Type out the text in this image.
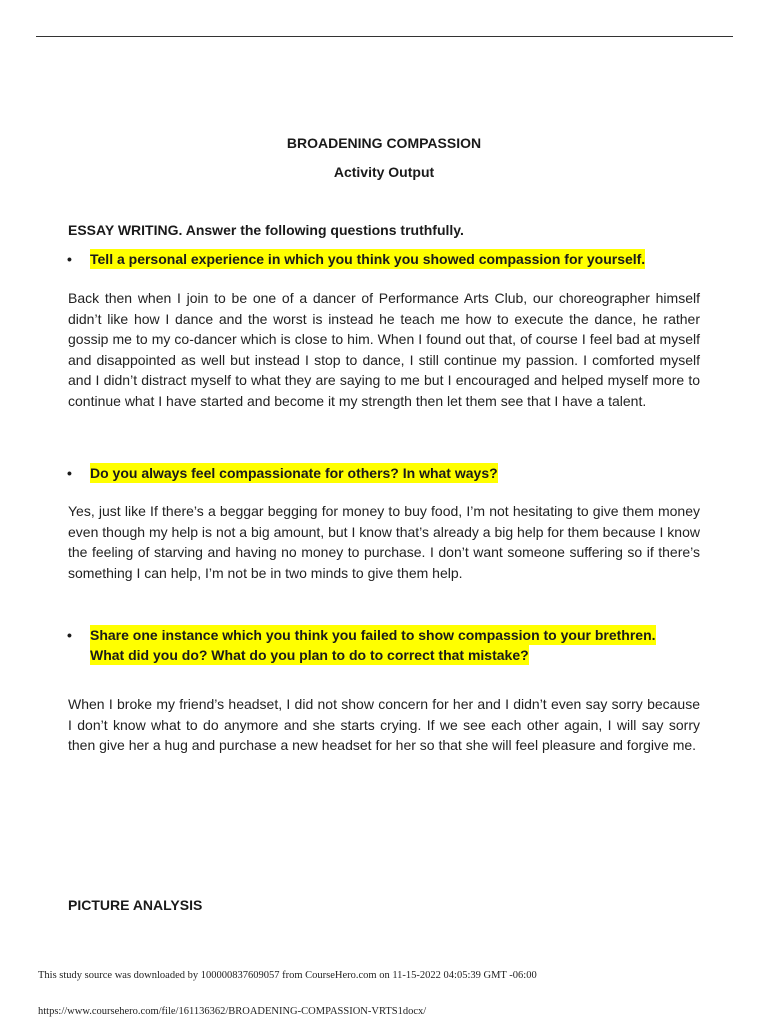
BROADENING COMPASSION
Activity Output
ESSAY WRITING. Answer the following questions truthfully.
• Tell a personal experience in which you think you showed compassion for yourself.
Back then when I join to be one of a dancer of Performance Arts Club, our choreographer himself didn’t like how I dance and the worst is instead he teach me how to execute the dance, he rather gossip me to my co-dancer which is close to him. When I found out that, of course I feel bad at myself and disappointed as well but instead I stop to dance, I still continue my passion. I comforted myself and I didn’t distract myself to what they are saying to me but I encouraged and helped myself more to continue what I have started and become it my strength then let them see that I have a talent.
• Do you always feel compassionate for others? In what ways?
Yes, just like If there’s a beggar begging for money to buy food, I’m not hesitating to give them money even though my help is not a big amount, but I know that’s already a big help for them because I know the feeling of starving and having no money to purchase. I don’t want someone suffering so if there’s something I can help, I’m not be in two minds to give them help.
• Share one instance which you think you failed to show compassion to your brethren.
What did you do? What do you plan to do to correct that mistake?
When I broke my friend’s headset, I did not show concern for her and I didn’t even say sorry because I don’t know what to do anymore and she starts crying. If we see each other again, I will say sorry then give her a hug and purchase a new headset for her so that she will feel pleasure and forgive me.
PICTURE ANALYSIS
This study source was downloaded by 100000837609057 from CourseHero.com on 11-15-2022 04:05:39 GMT -06:00
https://www.coursehero.com/file/161136362/BROADENING-COMPASSION-VRTS1docx/
